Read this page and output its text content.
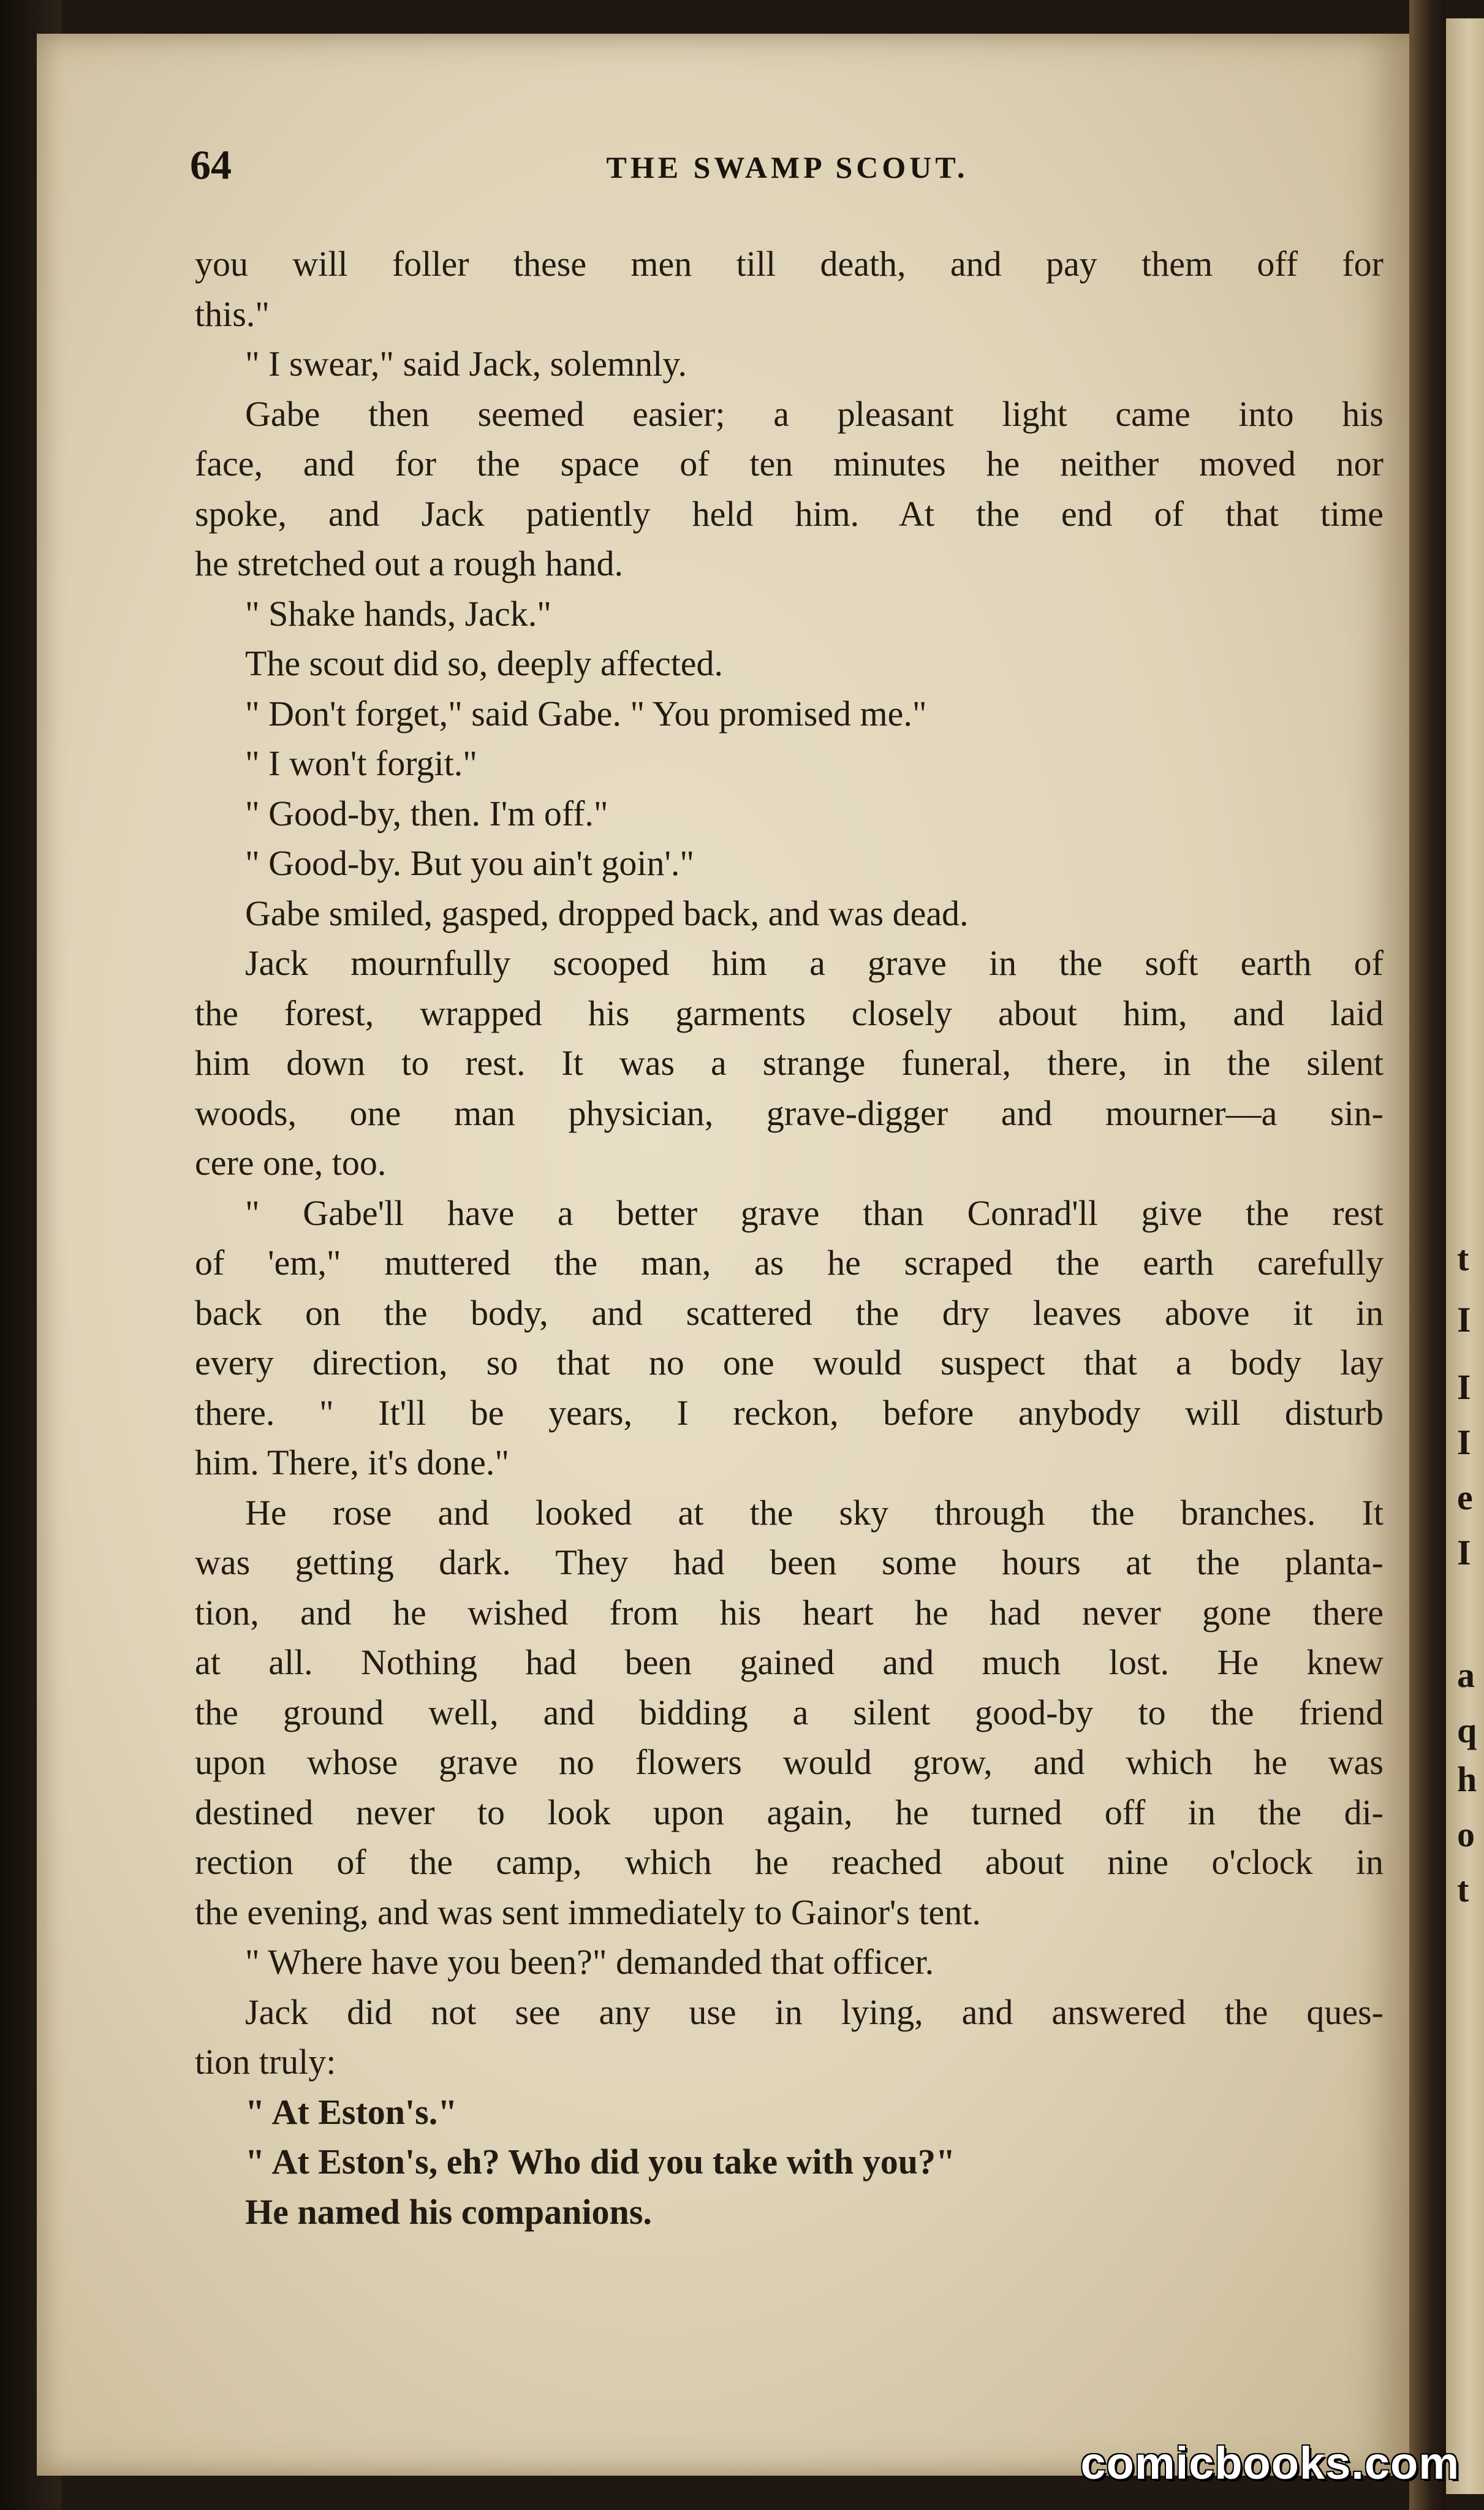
t
I
I
I
e
I
a
q
h
o
t
64	THE SWAMP SCOUT.
you will foller these men till death, and pay them off for
this."
" I swear," said Jack, solemnly.
Gabe then seemed easier; a pleasant light came into his
face, and for the space of ten minutes he neither moved nor
spoke, and Jack patiently held him. At the end of that time
he stretched out a rough hand.
" Shake hands, Jack."
The scout did so, deeply affected.
" Don't forget," said Gabe. " You promised me."
" I won't forgit."
" Good-by, then. I'm off."
" Good-by. But you ain't goin'."
Gabe smiled, gasped, dropped back, and was dead.
Jack mournfully scooped him a grave in the soft earth of
the forest, wrapped his garments closely about him, and laid
him down to rest. It was a strange funeral, there, in the silent
woods, one man physician, grave-digger and mourner—a sin-
cere one, too.
" Gabe'll have a better grave than Conrad'll give the rest
of 'em," muttered the man, as he scraped the earth carefully
back on the body, and scattered the dry leaves above it in
every direction, so that no one would suspect that a body lay
there. " It'll be years, I reckon, before anybody will disturb
him. There, it's done."
He rose and looked at the sky through the branches. It
was getting dark. They had been some hours at the planta-
tion, and he wished from his heart he had never gone there
at all. Nothing had been gained and much lost. He knew
the ground well, and bidding a silent good-by to the friend
upon whose grave no flowers would grow, and which he was
destined never to look upon again, he turned off in the di-
rection of the camp, which he reached about nine o'clock in
the evening, and was sent immediately to Gainor's tent.
" Where have you been?" demanded that officer.
Jack did not see any use in lying, and answered the ques-
tion truly:
" At Eston's."
" At Eston's, eh? Who did you take with you?"
He named his companions.
comicbooks.com
